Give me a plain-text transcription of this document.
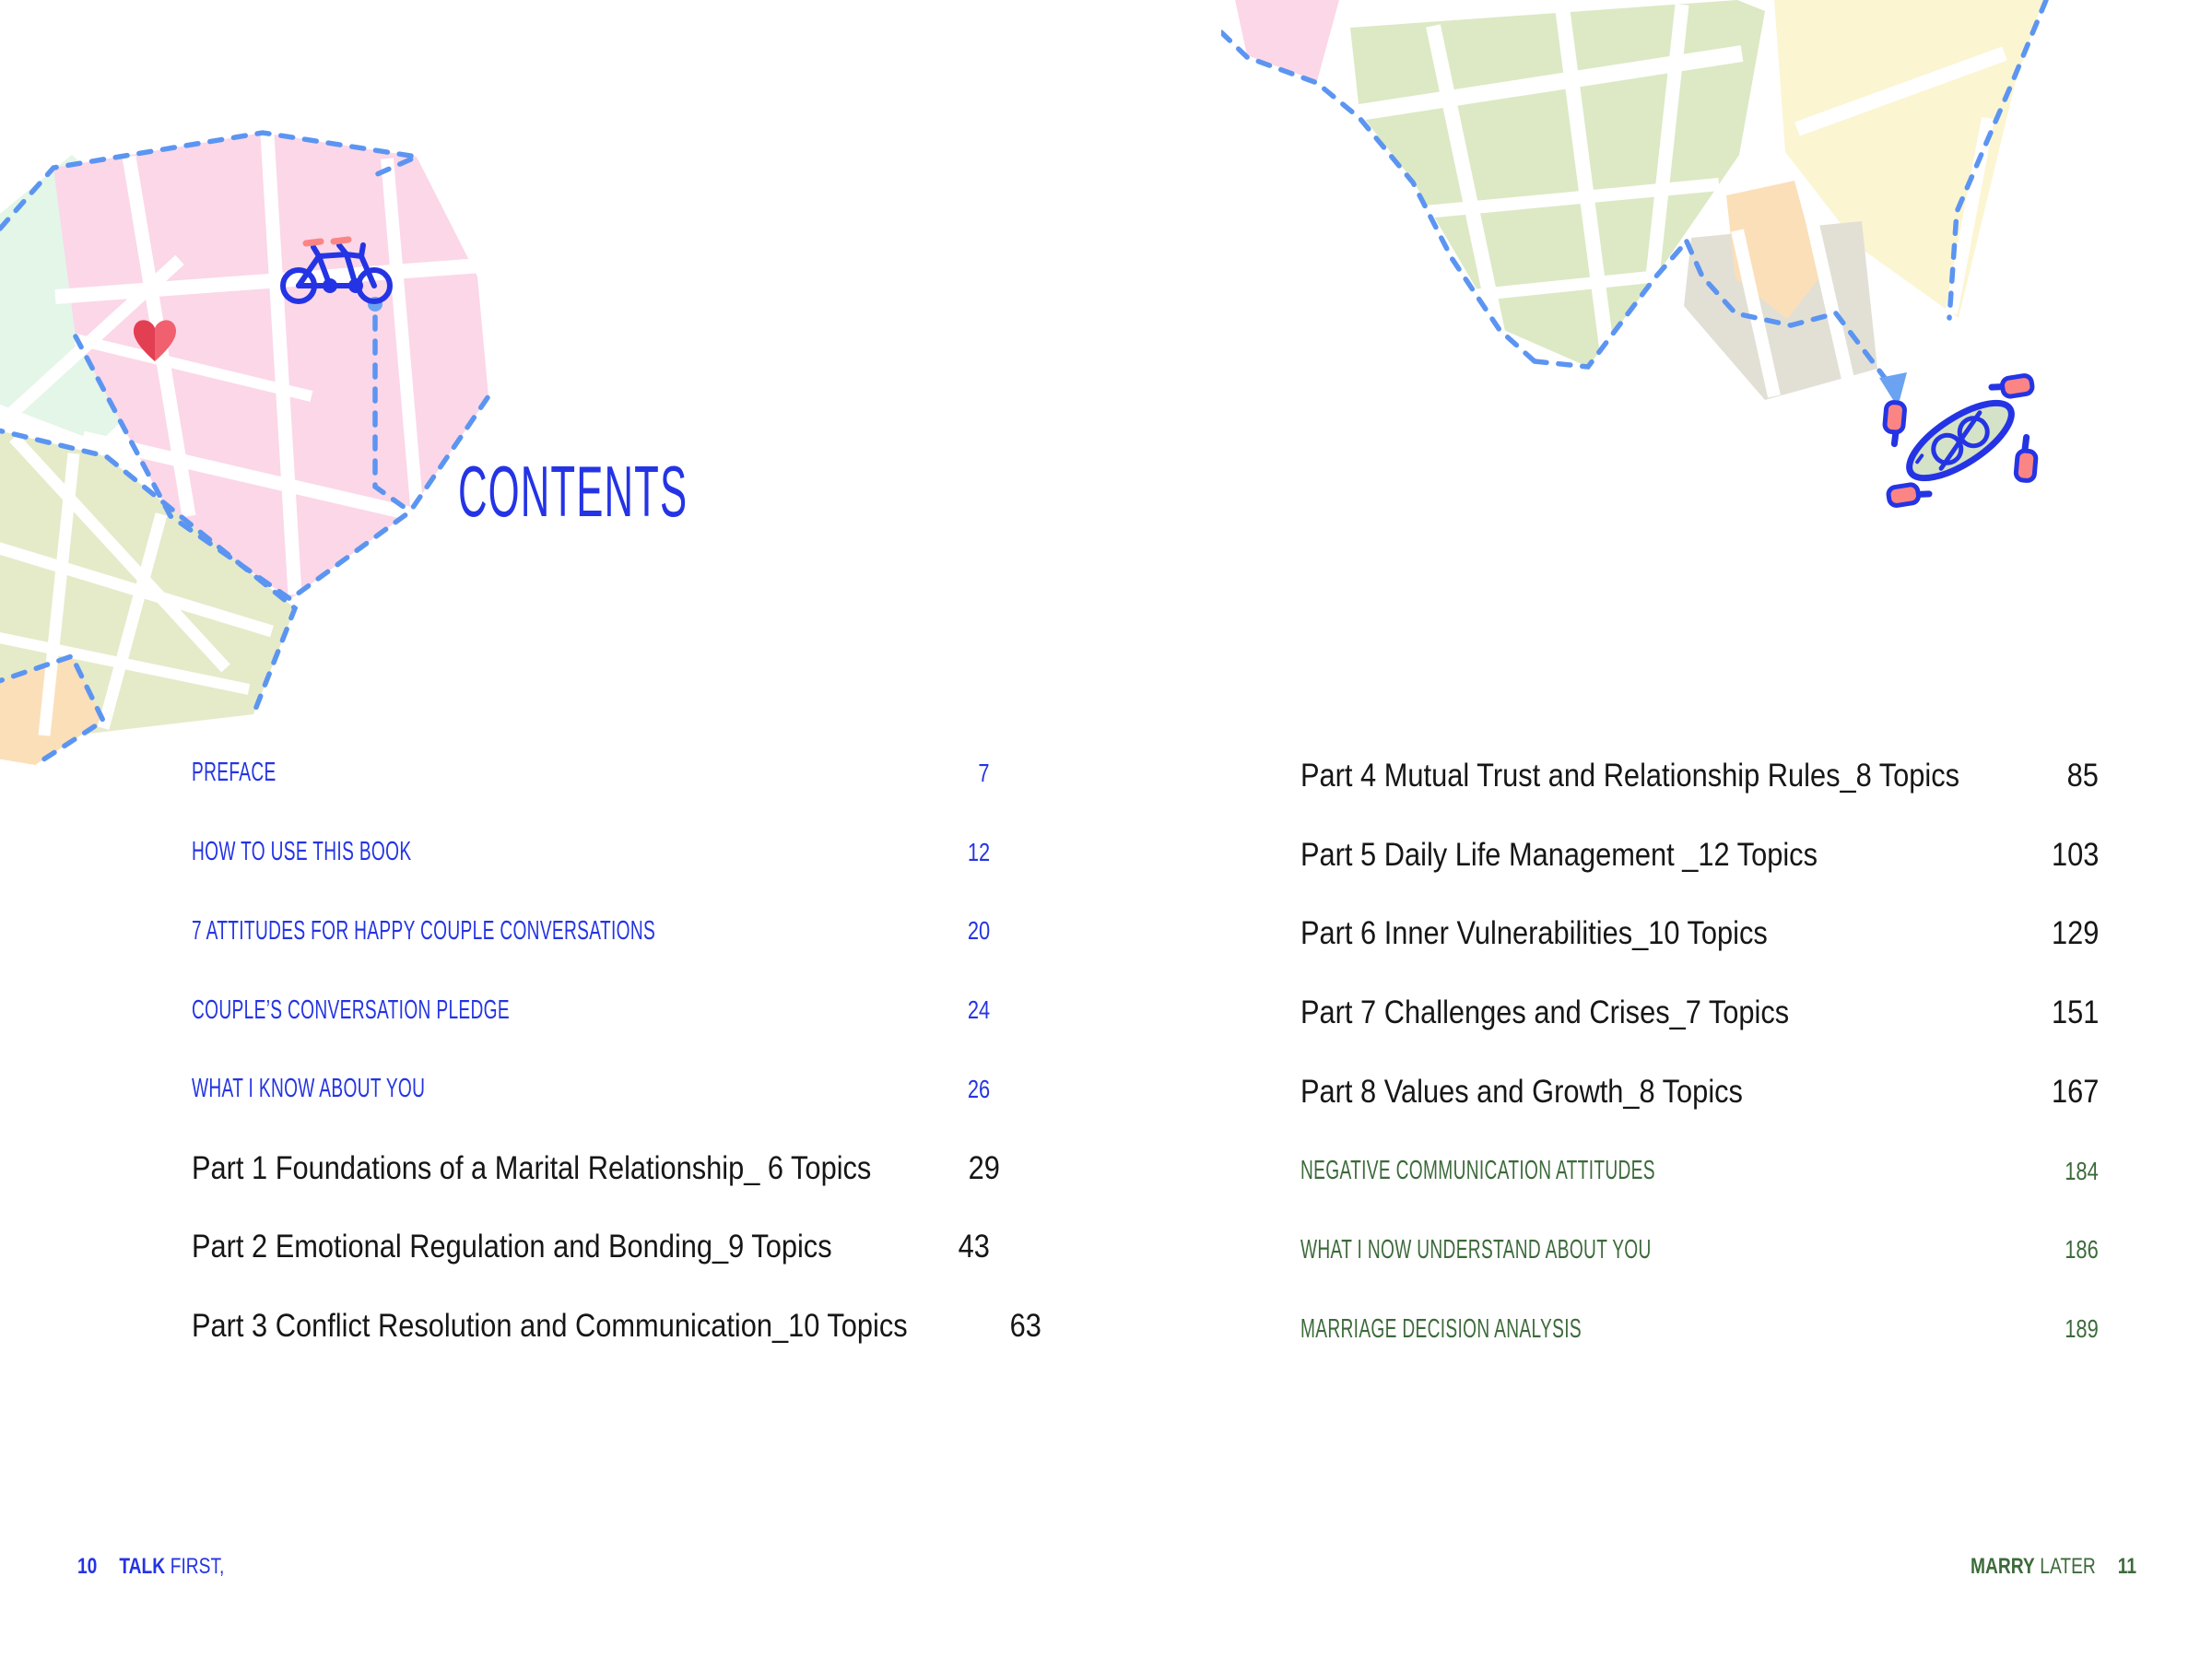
CONTENTS
PREFACE	7
HOW TO USE THIS BOOK	12
7 ATTITUDES FOR HAPPY COUPLE CONVERSATIONS	20
COUPLE’S CONVERSATION PLEDGE	24
WHAT I KNOW ABOUT YOU	26
Part 1 Foundations of a Marital Relationship_ 6 Topics	29
Part 2 Emotional Regulation and Bonding_9 Topics	43
Part 3 Conflict Resolution and Communication_10 Topics	63
Part 4 Mutual Trust and Relationship Rules_8 Topics	85
Part 5 Daily Life Management _12 Topics	103
Part 6 Inner Vulnerabilities_10 Topics	129
Part 7 Challenges and Crises_7 Topics	151
Part 8 Values and Growth_8 Topics	167
NEGATIVE COMMUNICATION ATTITUDES	184
WHAT I NOW UNDERSTAND ABOUT YOU	186
MARRIAGE DECISION ANALYSIS	189
10 TALK FIRST,	MARRY LATER 11
